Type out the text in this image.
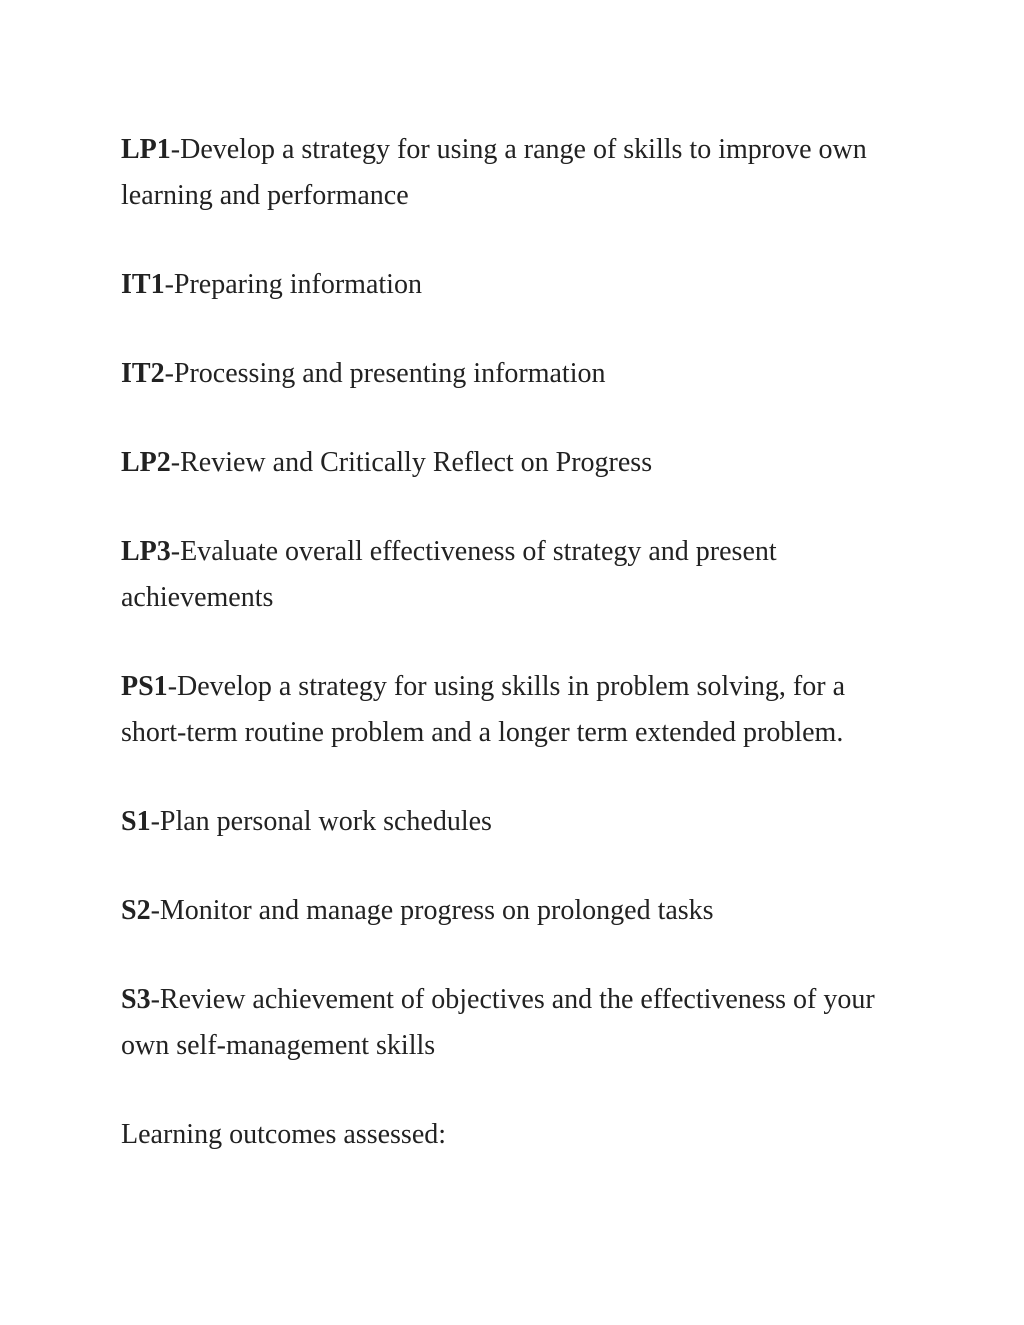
LP1-Develop a strategy for using a range of skills to improve own learning and performance

IT1-Preparing information

IT2-Processing and presenting information

LP2-Review and Critically Reflect on Progress

LP3-Evaluate overall effectiveness of strategy and present achievements

PS1-Develop a strategy for using skills in problem solving, for a short-term routine problem and a longer term extended problem.

S1-Plan personal work schedules

S2-Monitor and manage progress on prolonged tasks

S3-Review achievement of objectives and the effectiveness of your own self-management skills

Learning outcomes assessed:
